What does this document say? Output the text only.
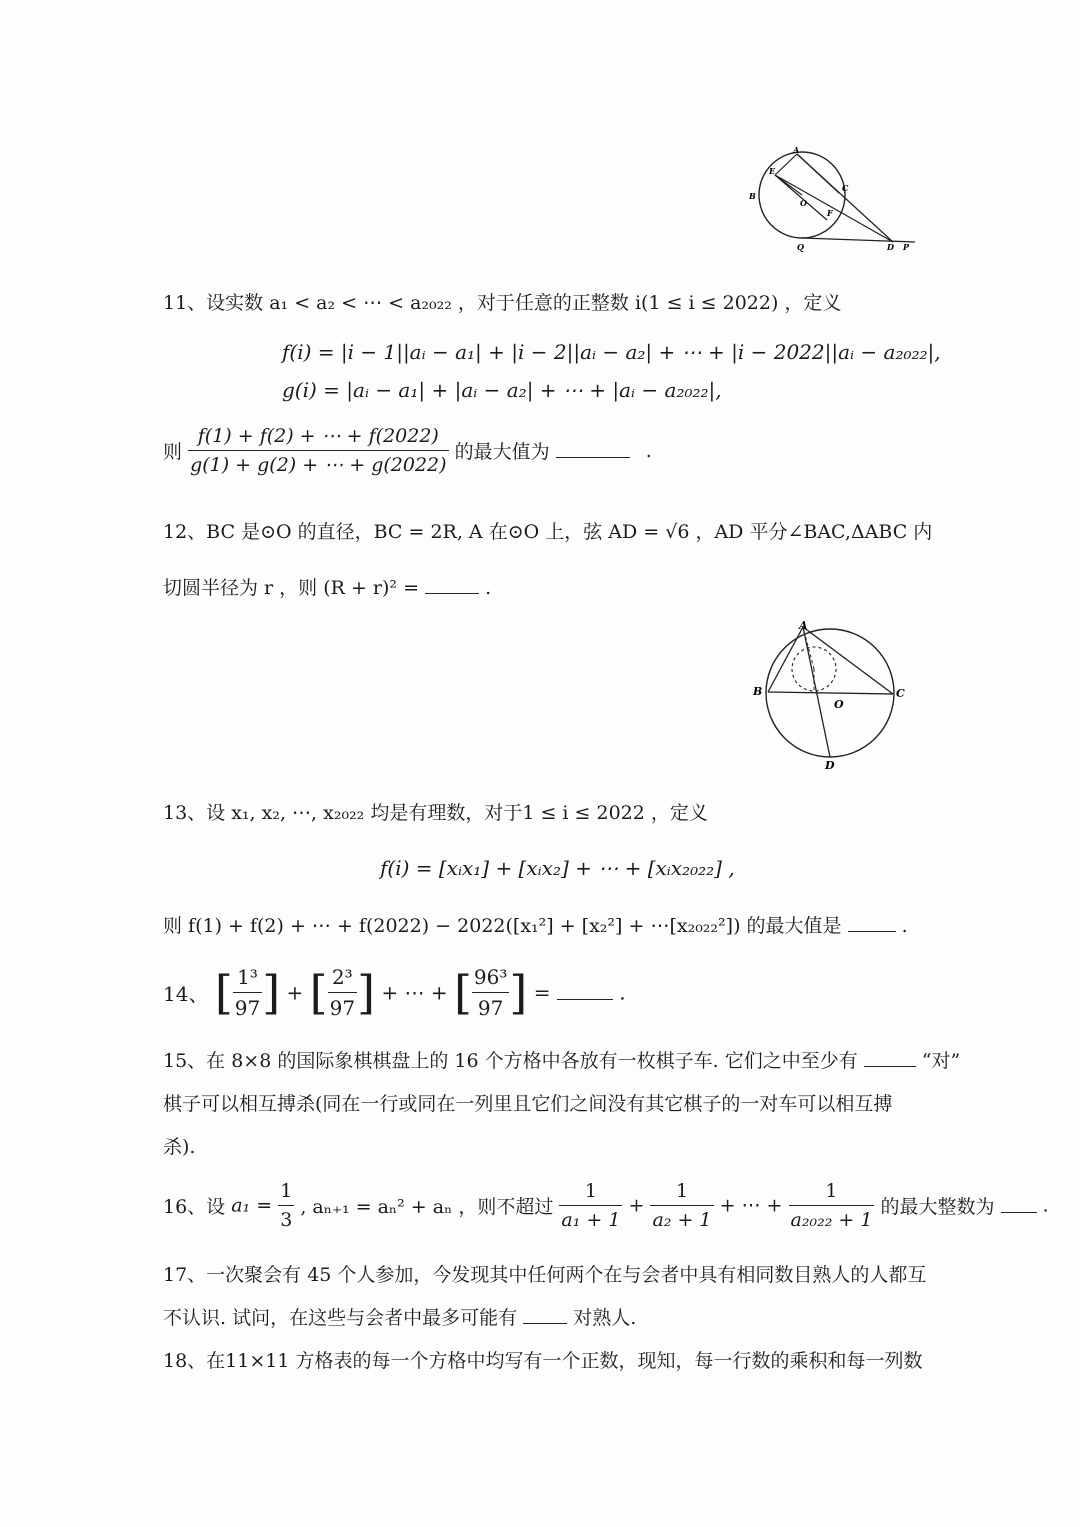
A
E
C
B
O
F
Q	D P
11、设实数 a₁ < a₂ < ⋯ < a₂₀₂₂ ，对于任意的正整数 i(1 ≤ i ≤ 2022) ，定义
f(i) = |i − 1||aᵢ − a₁| + |i − 2||aᵢ − a₂| + ⋯ + |i − 2022||aᵢ − a₂₀₂₂|,
g(i) = |aᵢ − a₁| + |aᵢ − a₂| + ⋯ + |aᵢ − a₂₀₂₂|,
则 $\frac{f(1) + f(2) + \cdots + f(2022)}{g(1) + g(2) + \cdots + g(2022)}$ 的最大值为	.
12、BC 是⊙O 的直径，BC = 2R, A 在⊙O 上，弦 AD = √6 ，AD 平分∠BAC,ΔABC 内
切圆半径为 r ，则 (R + r)² =	.
A
B	C
O
D
13、设 x₁, x₂, ⋯, x₂₀₂₂ 均是有理数，对于1 ≤ i ≤ 2022 ，定义
f(i) = [xᵢx₁] + [xᵢx₂] + ⋯ + [xᵢx₂₀₂₂] ,
则 f(1) + f(2) + ⋯ + f(2022) − 2022([x₁²] + [x₂²] + ⋯[x₂₀₂₂²]) 的最大值是	.
14、 [ $\frac{\text{1³}}{97}$ ] + [ $\frac{\text{2³}}{97}$ ] + ⋯ + [ $\frac{\text{96³}}{97}$ ] =	.
15、在 8×8 的国际象棋棋盘上的 16 个方格中各放有一枚棋子车. 它们之中至少有	“对”
棋子可以相互搏杀(同在一行或同在一列里且它们之间没有其它棋子的一对车可以相互搏
杀).
16、设 $a_1 = \frac{1}{3}$ , aₙ₊₁ = aₙ² + aₙ ，则不超过 $\frac{1}{\text{a₁ + 1}} + \frac{1}{\text{a₂ + 1}}$ + ⋯ + $\frac{1}{\text{a₂₀₂₂ + 1}}$ 的最大整数为	.
17、一次聚会有 45 个人参加，今发现其中任何两个在与会者中具有相同数目熟人的人都互
不认识. 试问，在这些与会者中最多可能有	对熟人.
18、在11×11 方格表的每一个方格中均写有一个正数，现知，每一行数的乘积和每一列数
